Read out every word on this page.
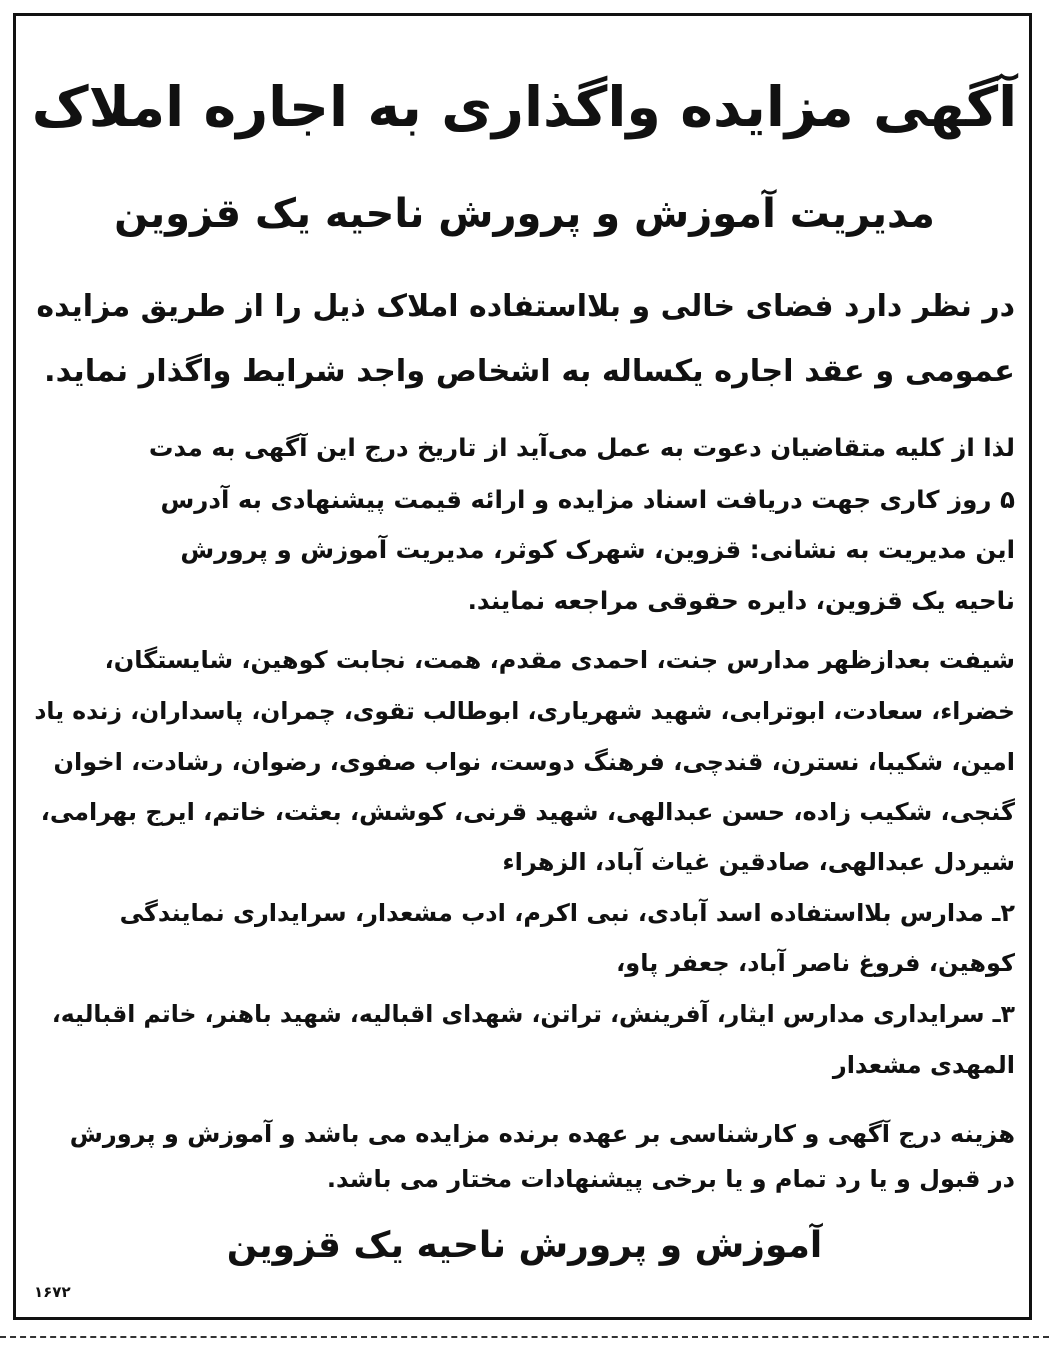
آگهی مزایده واگذاری به اجاره املاک
مدیریت آموزش و پرورش ناحیه یک قزوین
در نظر دارد فضای خالی و بلااستفاده املاک ذیل را از طریق مزایده
عمومی و عقد اجاره یکساله به اشخاص واجد شرایط واگذار نماید.
لذا از کلیه متقاضیان دعوت به عمل می‌آید از تاریخ درج این آگهی به مدت
۵ روز کاری جهت دریافت اسناد مزایده و ارائه قیمت پیشنهادی به آدرس
این مدیریت به نشانی: قزوین، شهرک کوثر، مدیریت آموزش و پرورش
ناحیه یک قزوین، دایره حقوقی مراجعه نمایند.
شیفت بعدازظهر مدارس جنت، احمدی مقدم، همت، نجابت کوهین، شایستگان،
خضراء، سعادت، ابوترابی، شهید شهریاری، ابوطالب تقوی، چمران، پاسداران، زنده یاد
امین، شکیبا، نسترن، قندچی، فرهنگ دوست، نواب صفوی، رضوان، رشادت، اخوان
گنجی، شکیب زاده، حسن عبدالهی، شهید قرنی، کوشش، بعثت، خاتم، ایرج بهرامی،
شیردل عبدالهی، صادقین غیاث آباد، الزهراء
۲ـ مدارس بلااستفاده اسد آبادی، نبی اکرم، ادب مشعدار، سرایداری نمایندگی
کوهین، فروغ ناصر آباد، جعفر پاو،
۳ـ سرایداری مدارس ایثار، آفرینش، تراتن، شهدای اقبالیه، شهید باهنر، خاتم اقبالیه،
المهدی مشعدار
هزینه درج آگهی و کارشناسی بر عهده برنده مزایده می باشد و آموزش و پرورش
در قبول و یا رد تمام و یا برخی پیشنهادات مختار می باشد.
آموزش و پرورش ناحیه یک قزوین
۱۶۷۲
